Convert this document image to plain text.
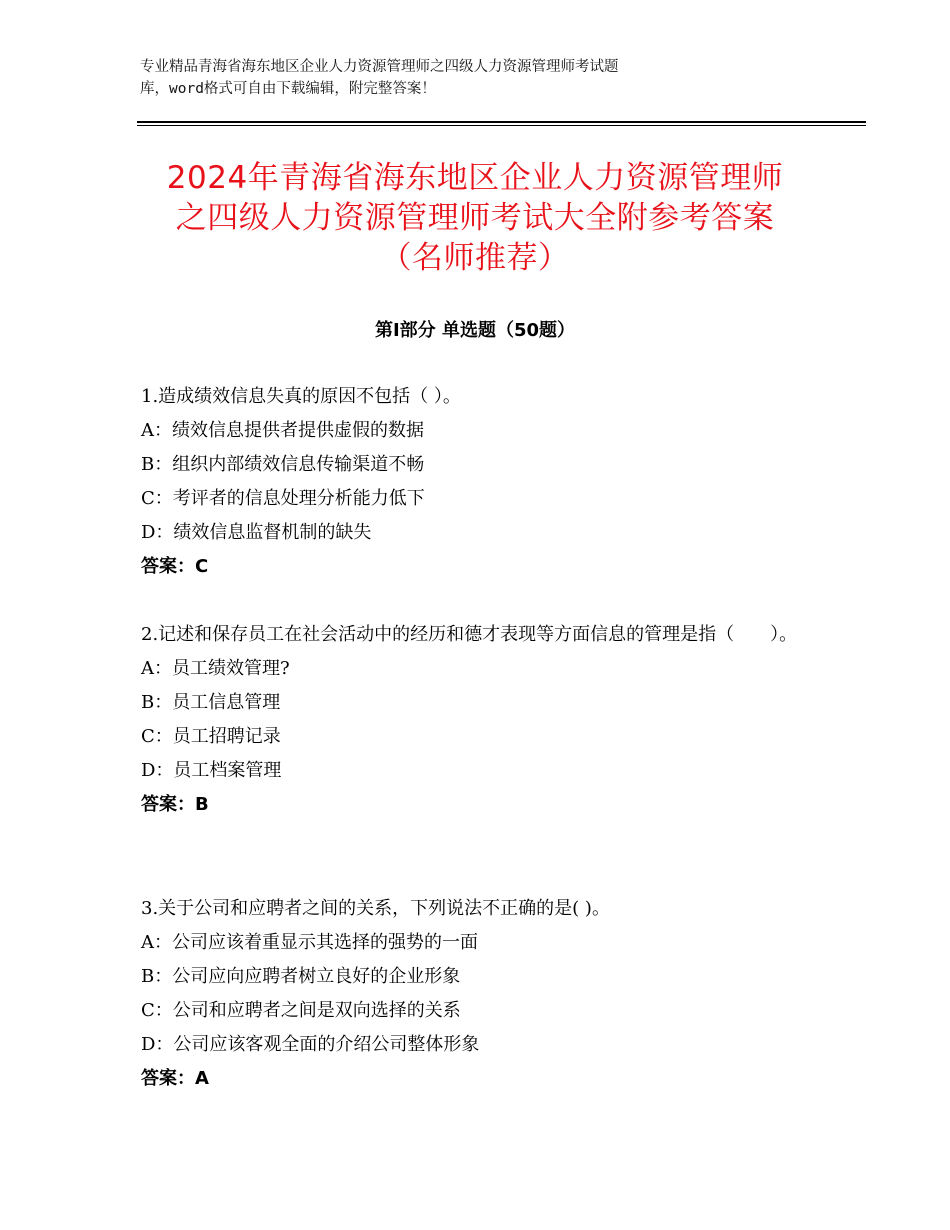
专业精品青海省海东地区企业人力资源管理师之四级人力资源管理师考试题
库，word格式可自由下载编辑，附完整答案！
2024年青海省海东地区企业人力资源管理师
之四级人力资源管理师考试大全附参考答案
（名师推荐）
第Ⅰ部分 单选题（50题）
1.造成绩效信息失真的原因不包括（ ）。
A：绩效信息提供者提供虚假的数据
B：组织内部绩效信息传输渠道不畅
C：考评者的信息处理分析能力低下
D：绩效信息监督机制的缺失
答案：C
2.记述和保存员工在社会活动中的经历和德才表现等方面信息的管理是指（　　）。
A：员工绩效管理?
B：员工信息管理
C：员工招聘记录
D：员工档案管理
答案：B
3.关于公司和应聘者之间的关系，下列说法不正确的是( )。
A：公司应该着重显示其选择的强势的一面
B：公司应向应聘者树立良好的企业形象
C：公司和应聘者之间是双向选择的关系
D：公司应该客观全面的介绍公司整体形象
答案：A
